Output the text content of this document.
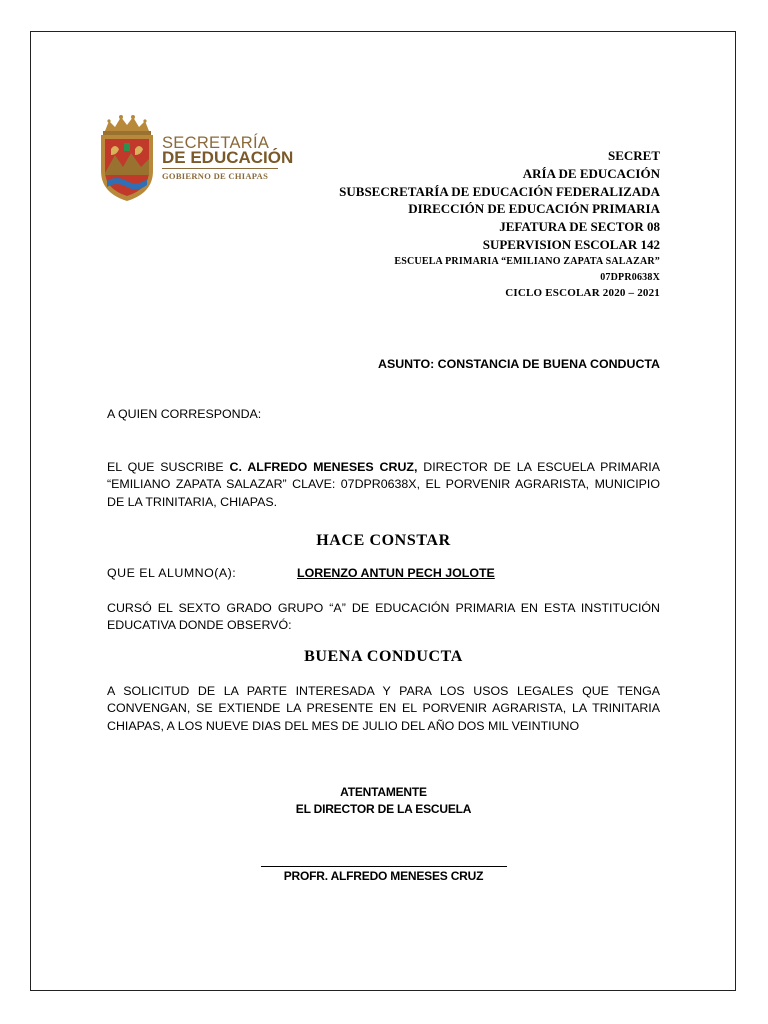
SECRETARÍA
DE EDUCACIÓN
GOBIERNO DE CHIAPAS
SECRET
ARÍA DE EDUCACIÓN
SUBSECRETARÍA DE EDUCACIÓN FEDERALIZADA
DIRECCIÓN DE EDUCACIÓN PRIMARIA
JEFATURA DE SECTOR 08
SUPERVISION ESCOLAR 142
ESCUELA PRIMARIA “EMILIANO ZAPATA SALAZAR”
07DPR0638X
CICLO ESCOLAR 2020 – 2021
ASUNTO: CONSTANCIA DE BUENA CONDUCTA
A QUIEN CORRESPONDA:
EL QUE SUSCRIBE C. ALFREDO MENESES CRUZ, DIRECTOR DE LA ESCUELA PRIMARIA “EMILIANO ZAPATA SALAZAR” CLAVE: 07DPR0638X, EL PORVENIR AGRARISTA, MUNICIPIO DE LA TRINITARIA, CHIAPAS.
HACE CONSTAR
QUE EL ALUMNO(A):	LORENZO ANTUN PECH JOLOTE
CURSÓ EL SEXTO GRADO GRUPO “A” DE EDUCACIÓN PRIMARIA EN ESTA INSTITUCIÓN EDUCATIVA DONDE OBSERVÓ:
BUENA CONDUCTA
A SOLICITUD DE LA PARTE INTERESADA Y PARA LOS USOS LEGALES QUE TENGA CONVENGAN, SE EXTIENDE LA PRESENTE EN EL PORVENIR AGRARISTA, LA TRINITARIA CHIAPAS, A LOS NUEVE DIAS DEL MES DE JULIO DEL AÑO DOS MIL VEINTIUNO
ATENTAMENTE
EL DIRECTOR DE LA ESCUELA
PROFR. ALFREDO MENESES CRUZ
